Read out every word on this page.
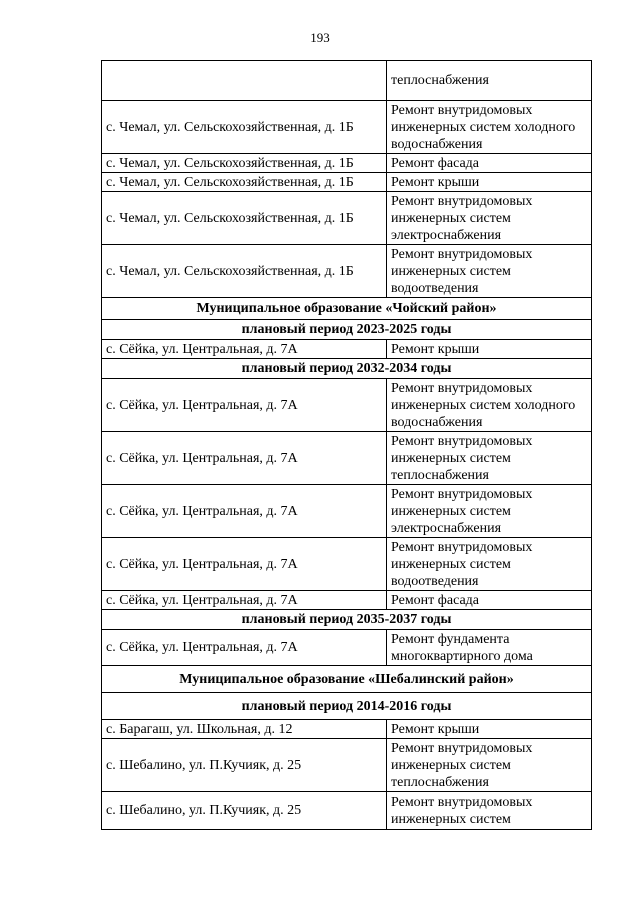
193
	теплоснабжения
с. Чемал, ул. Сельскохозяйственная, д. 1Б	Ремонт внутридомовых инженерных систем холодного водоснабжения
с. Чемал, ул. Сельскохозяйственная, д. 1Б	Ремонт фасада
с. Чемал, ул. Сельскохозяйственная, д. 1Б	Ремонт крыши
с. Чемал, ул. Сельскохозяйственная, д. 1Б	Ремонт внутридомовых инженерных систем электроснабжения
с. Чемал, ул. Сельскохозяйственная, д. 1Б	Ремонт внутридомовых инженерных систем водоотведения
Муниципальное образование «Чойский район»	
плановый период 2023-2025 годы	
с. Сёйка, ул. Центральная, д. 7А	Ремонт крыши
плановый период 2032-2034 годы	
с. Сёйка, ул. Центральная, д. 7А	Ремонт внутридомовых инженерных систем холодного водоснабжения
с. Сёйка, ул. Центральная, д. 7А	Ремонт внутридомовых инженерных систем теплоснабжения
с. Сёйка, ул. Центральная, д. 7А	Ремонт внутридомовых инженерных систем электроснабжения
с. Сёйка, ул. Центральная, д. 7А	Ремонт внутридомовых инженерных систем водоотведения
с. Сёйка, ул. Центральная, д. 7А	Ремонт фасада
плановый период 2035-2037 годы	
с. Сёйка, ул. Центральная, д. 7А	Ремонт фундамента многоквартирного дома
Муниципальное образование «Шебалинский район»	
плановый период 2014-2016 годы	
с. Барагаш, ул. Школьная, д. 12	Ремонт крыши
с. Шебалино, ул. П.Кучияк, д. 25	Ремонт внутридомовых инженерных систем теплоснабжения
с. Шебалино, ул. П.Кучияк, д. 25	Ремонт внутридомовых инженерных систем
